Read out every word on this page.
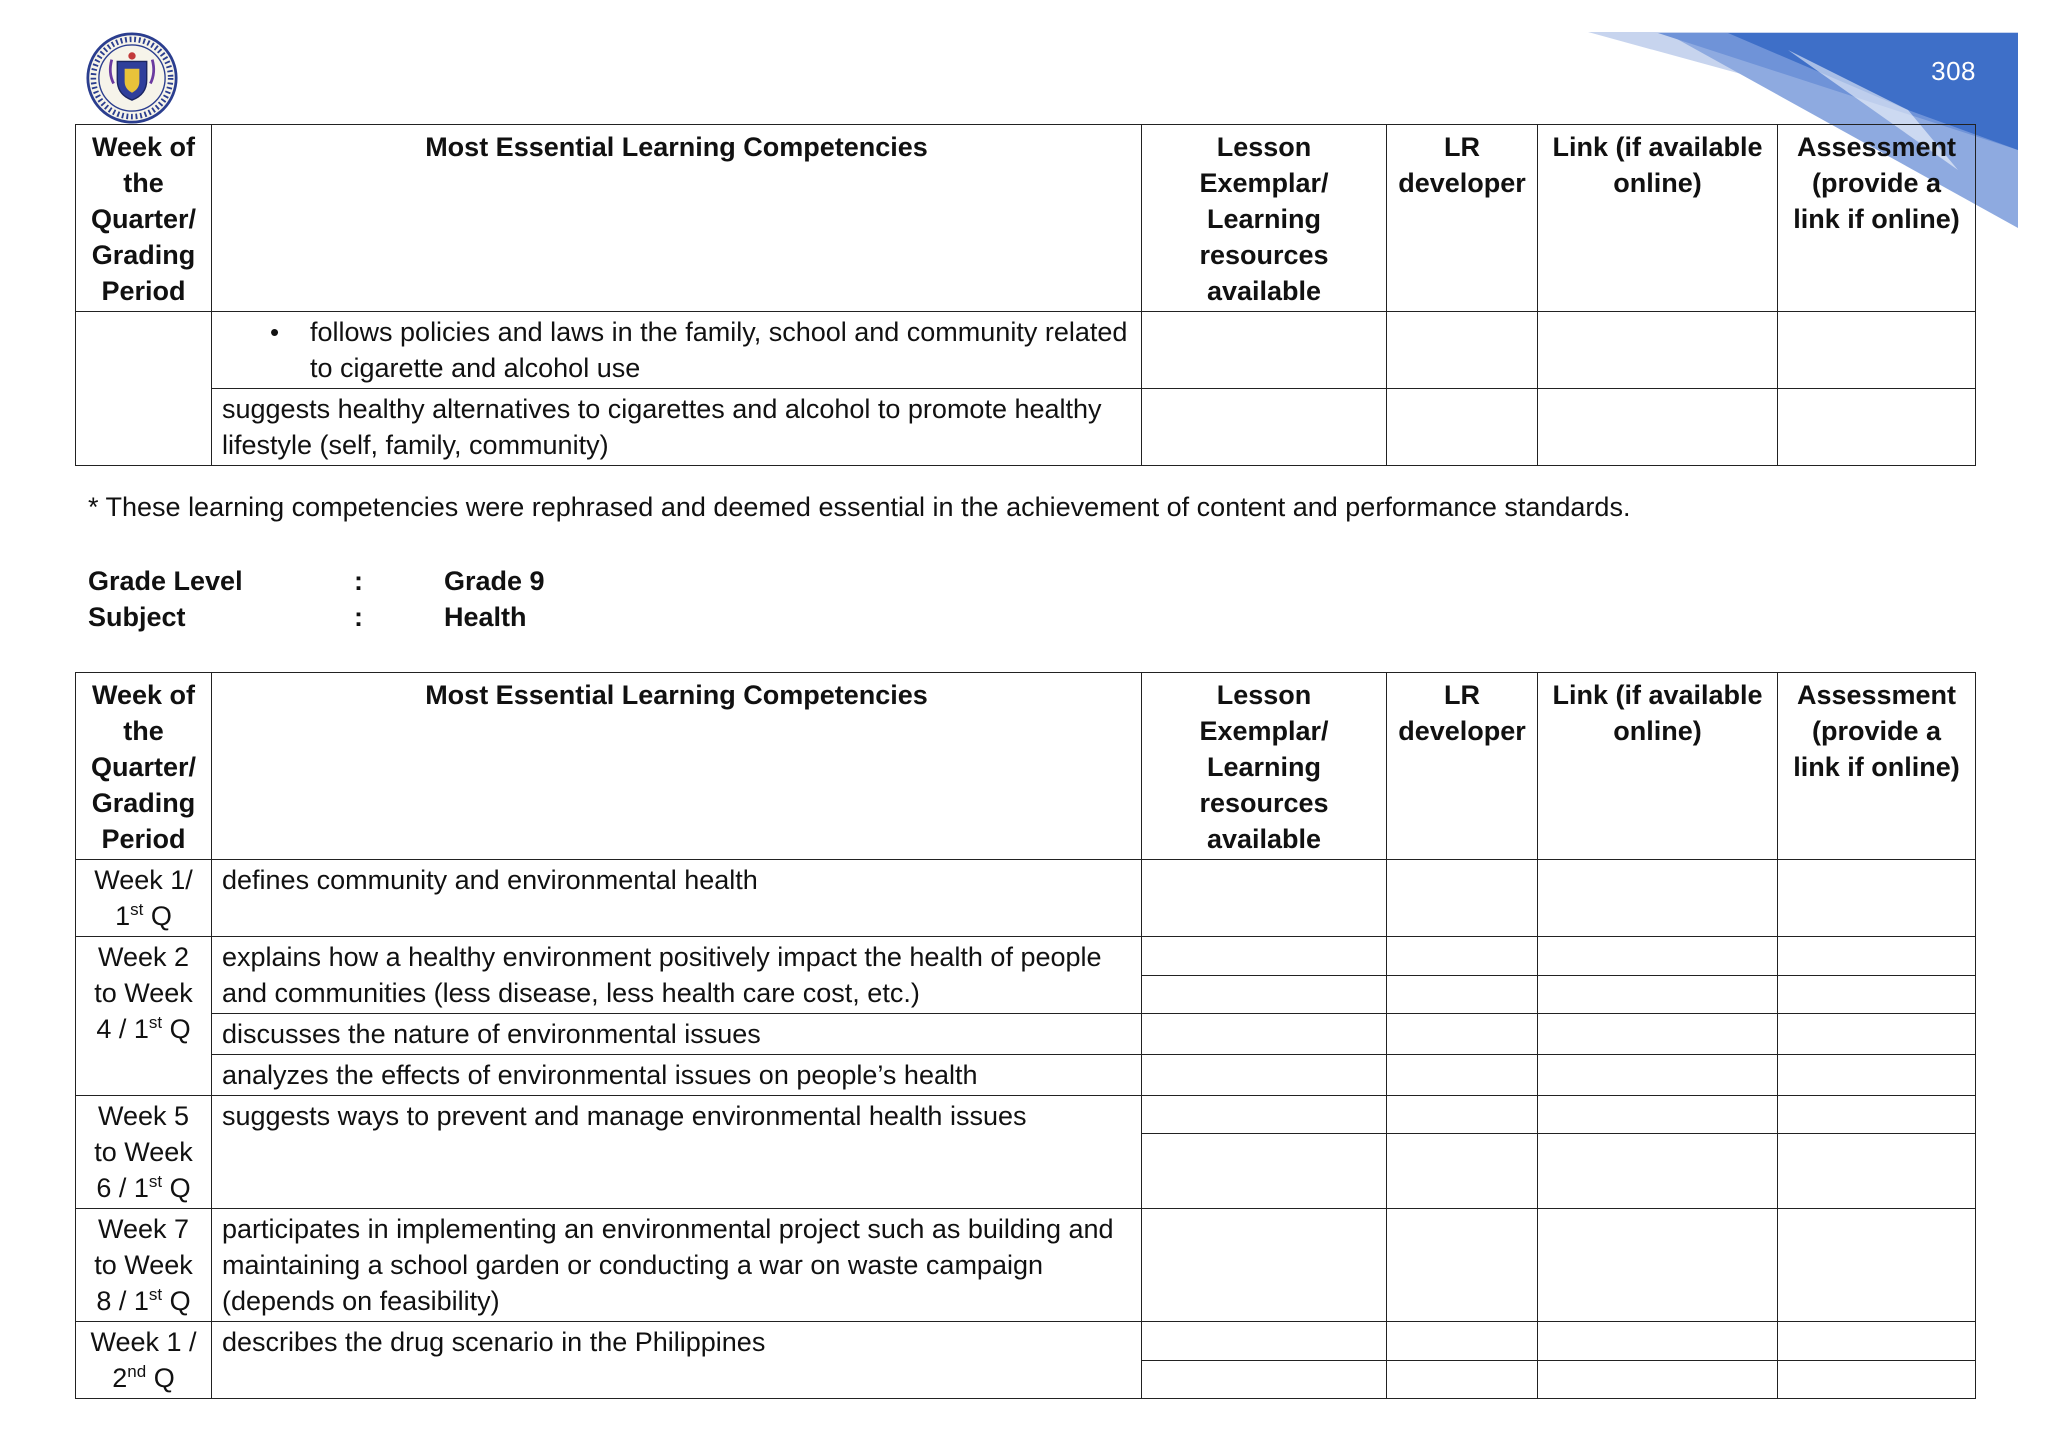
308
Week of the Quarter/ Grading Period	Most Essential Learning Competencies	Lesson Exemplar/ Learning resources available	LR developer	Link (if available online)	Assessment (provide a link if online)

	• follows policies and laws in the family, school and community related to cigarette and alcohol use				

	suggests healthy alternatives to cigarettes and alcohol to promote healthy lifestyle (self, family, community)				
* These learning competencies were rephrased and deemed essential in the achievement of content and performance standards.
Grade Level	:	Grade 9
Subject	:	Health
Week of the Quarter/ Grading Period	Most Essential Learning Competencies	Lesson Exemplar/ Learning resources available	LR developer	Link (if available online)	Assessment (provide a link if online)
Week 1/ 1st Q	defines community and environmental health				
Week 2 to Week 4 / 1st Q	explains how a healthy environment positively impact the health of people and communities (less disease, less health care cost, etc.)				

	discusses the nature of environmental issues				
	analyzes the effects of environmental issues on people’s health				
Week 5 to Week 6 / 1st Q	suggests ways to prevent and manage environmental health issues				

Week 7 to Week 8 / 1st Q	participates in implementing an environmental project such as building and maintaining a school garden or conducting a war on waste campaign (depends on feasibility)				
Week 1 / 2nd Q	describes the drug scenario in the Philippines				
